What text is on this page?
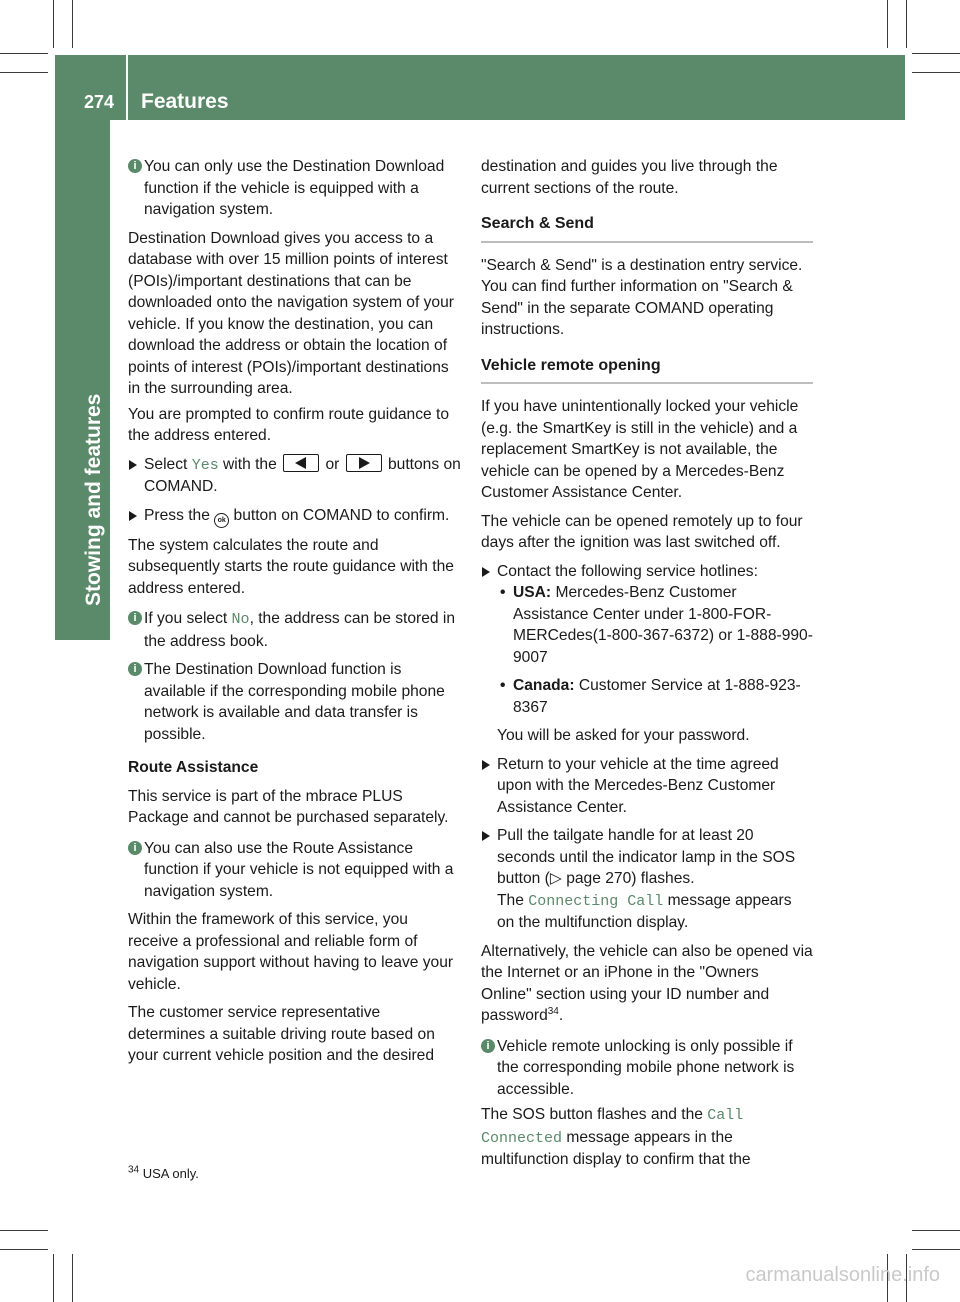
274 Features
Stowing and features

i You can only use the Destination Download function if the vehicle is equipped with a navigation system.

Destination Download gives you access to a database with over 15 million points of interest (POIs)/important destinations that can be downloaded onto the navigation system of your vehicle. If you know the destination, you can download the address or obtain the location of points of interest (POIs)/important destinations in the surrounding area.

You are prompted to confirm route guidance to the address entered.

Select Yes with the	or	buttons on COMAND.

Press the ok button on COMAND to confirm.

The system calculates the route and subsequently starts the route guidance with the address entered.

i If you select No, the address can be stored in the address book.

i The Destination Download function is available if the corresponding mobile phone network is available and data transfer is possible.

Route Assistance

This service is part of the mbrace PLUS Package and cannot be purchased separately.

i You can also use the Route Assistance function if your vehicle is not equipped with a navigation system.

Within the framework of this service, you receive a professional and reliable form of navigation support without having to leave your vehicle.

The customer service representative determines a suitable driving route based on your current vehicle position and the desired

destination and guides you live through the current sections of the route.

Search & Send

"Search & Send" is a destination entry service. You can find further information on "Search & Send" in the separate COMAND operating instructions.

Vehicle remote opening

If you have unintentionally locked your vehicle (e.g. the SmartKey is still in the vehicle) and a replacement SmartKey is not available, the vehicle can be opened by a Mercedes-Benz Customer Assistance Center.

The vehicle can be opened remotely up to four days after the ignition was last switched off.

Contact the following service hotlines:

• USA: Mercedes-Benz Customer Assistance Center under 1-800-FOR-MERCedes(1-800-367-6372) or 1-888-990-9007

• Canada: Customer Service at 1-888-923-8367

You will be asked for your password.

Return to your vehicle at the time agreed upon with the Mercedes-Benz Customer Assistance Center.

Pull the tailgate handle for at least 20 seconds until the indicator lamp in the SOS button (▷ page 270) flashes.
The Connecting Call message appears on the multifunction display.

Alternatively, the vehicle can also be opened via the Internet or an iPhone in the "Owners Online" section using your ID number and password$^{34}$.

i Vehicle remote unlocking is only possible if the corresponding mobile phone network is accessible.

The SOS button flashes and the Call Connected message appears in the multifunction display to confirm that the

$^{34}$ USA only.
carmanualsonline.info
